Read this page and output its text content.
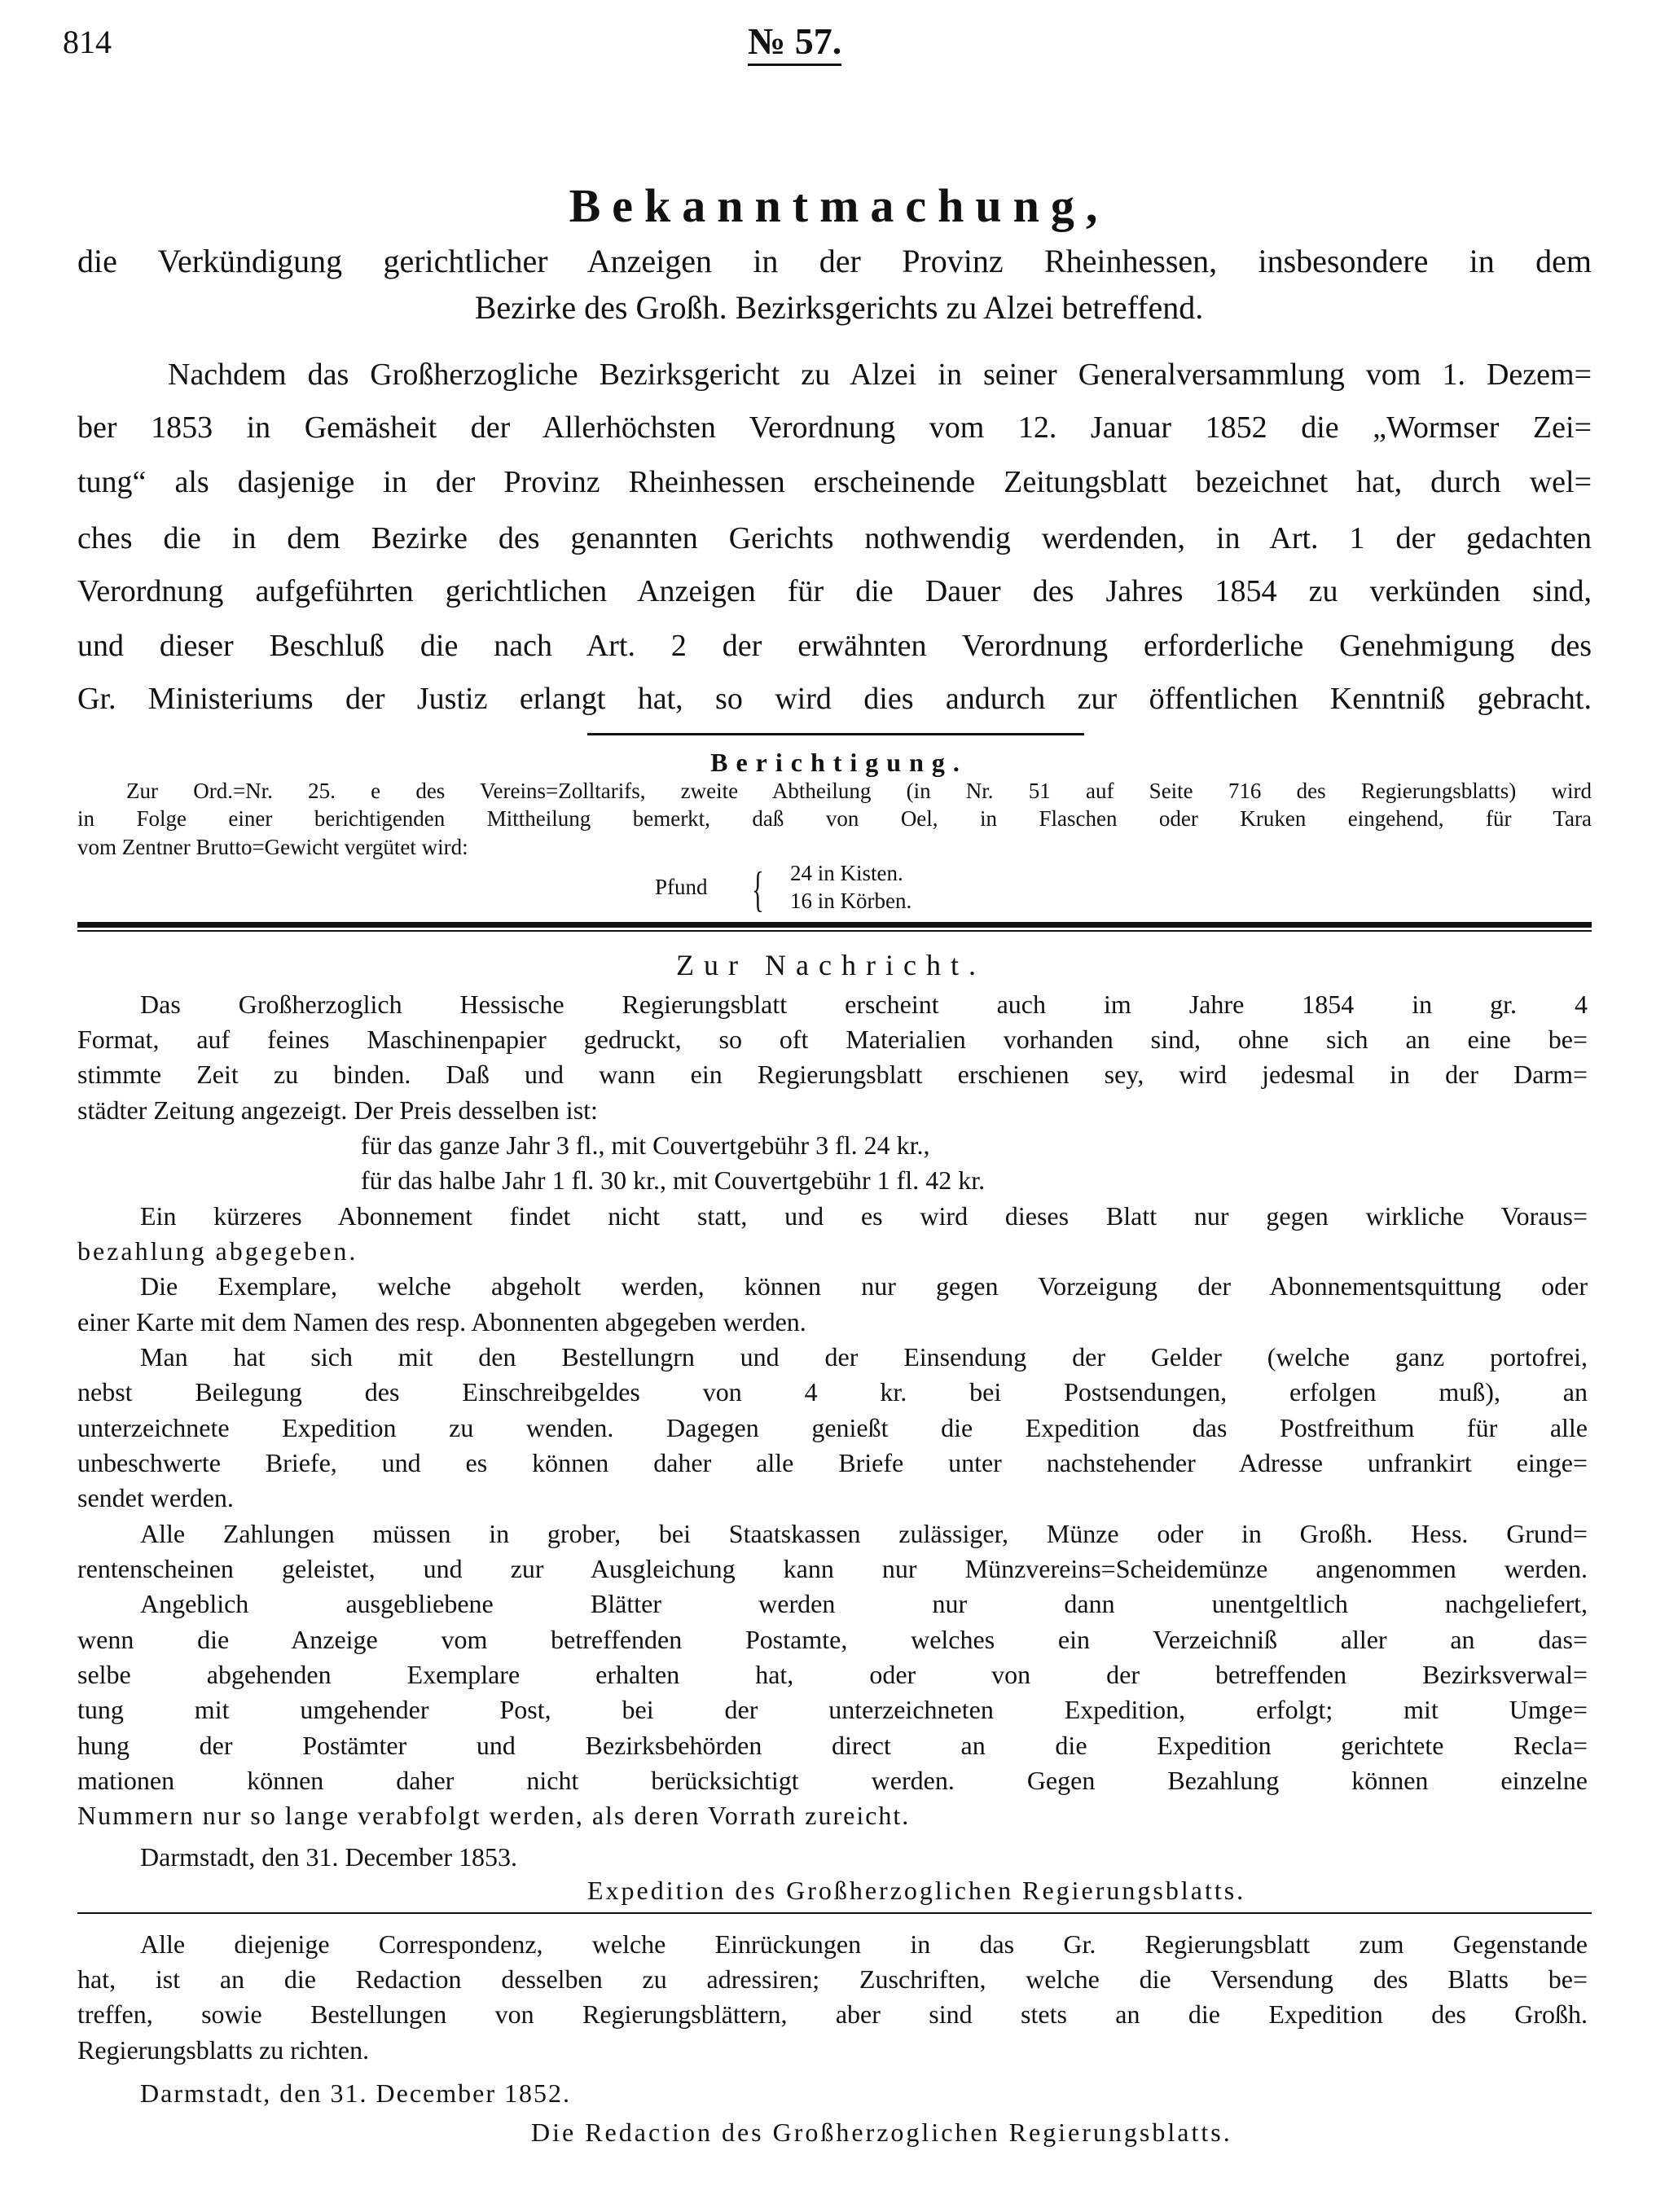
814	№ 57.
Bekanntmachung,
die Verkündigung gerichtlicher Anzeigen in der Provinz Rheinhessen, insbesondere in dem
Bezirke des Großh. Bezirksgerichts zu Alzei betreffend.
Nachdem das Großherzogliche Bezirksgericht zu Alzei in seiner Generalversammlung vom 1. Dezem=
ber 1853 in Gemäsheit der Allerhöchsten Verordnung vom 12. Januar 1852 die „Wormser Zei=
tung“ als dasjenige in der Provinz Rheinhessen erscheinende Zeitungsblatt bezeichnet hat, durch wel=
ches die in dem Bezirke des genannten Gerichts nothwendig werdenden, in Art. 1 der gedachten
Verordnung aufgeführten gerichtlichen Anzeigen für die Dauer des Jahres 1854 zu verkünden sind,
und dieser Beschluß die nach Art. 2 der erwähnten Verordnung erforderliche Genehmigung des
Gr. Ministeriums der Justiz erlangt hat, so wird dies andurch zur öffentlichen Kenntniß gebracht.
Berichtigung.
Zur Ord.=Nr. 25. e des Vereins=Zolltarifs, zweite Abtheilung (in Nr. 51 auf Seite 716 des Regierungsblatts) wird
in Folge einer berichtigenden Mittheilung bemerkt, daß von Oel, in Flaschen oder Kruken eingehend, für Tara
vom Zentner Brutto=Gewicht vergütet wird:
Pfund { 24 in Kisten.
16 in Körben.
Zur Nachricht.
Das Großherzoglich Hessische Regierungsblatt erscheint auch im Jahre 1854 in gr. 4
Format, auf feines Maschinenpapier gedruckt, so oft Materialien vorhanden sind, ohne sich an eine be=
stimmte Zeit zu binden. Daß und wann ein Regierungsblatt erschienen sey, wird jedesmal in der Darm=
städter Zeitung angezeigt. Der Preis desselben ist:
für das ganze Jahr 3 fl., mit Couvertgebühr 3 fl. 24 kr.,
für das halbe Jahr 1 fl. 30 kr., mit Couvertgebühr 1 fl. 42 kr.
Ein kürzeres Abonnement findet nicht statt, und es wird dieses Blatt nur gegen wirkliche Voraus=
bezahlung abgegeben.
Die Exemplare, welche abgeholt werden, können nur gegen Vorzeigung der Abonnementsquittung oder
einer Karte mit dem Namen des resp. Abonnenten abgegeben werden.
Man hat sich mit den Bestellungrn und der Einsendung der Gelder (welche ganz portofrei,
nebst Beilegung des Einschreibgeldes von 4 kr. bei Postsendungen, erfolgen muß), an
unterzeichnete Expedition zu wenden. Dagegen genießt die Expedition das Postfreithum für alle
unbeschwerte Briefe, und es können daher alle Briefe unter nachstehender Adresse unfrankirt einge=
sendet werden.
Alle Zahlungen müssen in grober, bei Staatskassen zulässiger, Münze oder in Großh. Hess. Grund=
rentenscheinen geleistet, und zur Ausgleichung kann nur Münzvereins=Scheidemünze angenommen werden.
Angeblich ausgebliebene Blätter werden nur dann unentgeltlich nachgeliefert,
wenn die Anzeige vom betreffenden Postamte, welches ein Verzeichniß aller an das=
selbe abgehenden Exemplare erhalten hat, oder von der betreffenden Bezirksverwal=
tung mit umgehender Post, bei der unterzeichneten Expedition, erfolgt; mit Umge=
hung der Postämter und Bezirksbehörden direct an die Expedition gerichtete Recla=
mationen können daher nicht berücksichtigt werden. Gegen Bezahlung können einzelne
Nummern nur so lange verabfolgt werden, als deren Vorrath zureicht.
Darmstadt, den 31. December 1853.
Expedition des Großherzoglichen Regierungsblatts.
Alle diejenige Correspondenz, welche Einrückungen in das Gr. Regierungsblatt zum Gegenstande
hat, ist an die Redaction desselben zu adressiren; Zuschriften, welche die Versendung des Blatts be=
treffen, sowie Bestellungen von Regierungsblättern, aber sind stets an die Expedition des Großh.
Regierungsblatts zu richten.
Darmstadt, den 31. December 1852.
Die Redaction des Großherzoglichen Regierungsblatts.
